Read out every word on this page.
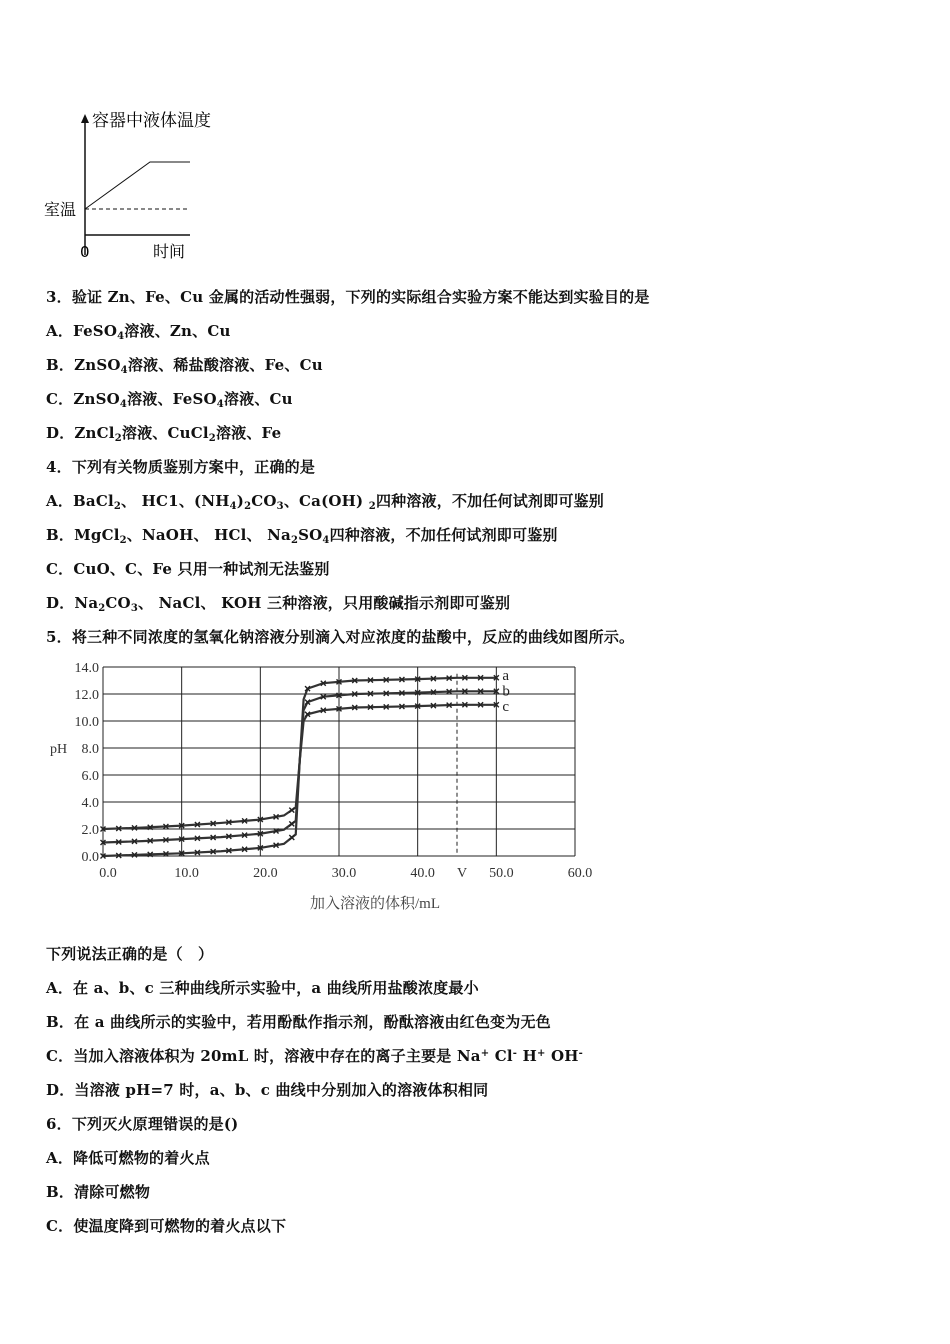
容器中液体温度
室温
0	时间
3．验证 Zn、Fe、Cu 金属的活动性强弱，下列的实际组合实验方案不能达到实验目的是
A．FeSO$_4$溶液、Zn、Cu
B．ZnSO$_4$溶液、稀盐酸溶液、Fe、Cu
C．ZnSO$_4$溶液、FeSO$_4$溶液、Cu
D．ZnCl$_2$溶液、CuCl$_2$溶液、Fe
4．下列有关物质鉴别方案中，正确的是
A．BaCl$_2$、 HC1、$(NH_4)_2CO_3$、Ca(OH) $_2$四种溶液，不加任何试剂即可鉴别
B．MgCl$_2$、NaOH、 HCl、 $Na_2SO_4$四种溶液，不加任何试剂即可鉴别
C．CuO、C、Fe 只用一种试剂无法鉴别
D．$Na_2CO_3$、 NaCl、 KOH 三种溶液，只用酸碱指示剂即可鉴别
5．将三种不同浓度的氢氧化钠溶液分别滴入对应浓度的盐酸中，反应的曲线如图所示。
0.0
2.0
4.0
6.0
8.0
10.0
12.0
14.0
0.0	10.0	20.0	30.0	40.0 V 50.0	60.0
a
b
c
pH
加入溶液的体积/mL
下列说法正确的是（　）
A．在 a、b、c 三种曲线所示实验中，a 曲线所用盐酸浓度最小
B．在 a 曲线所示的实验中，若用酚酞作指示剂，酚酞溶液由红色变为无色
C．当加入溶液体积为 20mL 时，溶液中存在的离子主要是 Na+ Cl- H+ OH-
D．当溶液 pH=7 时，a、b、c 曲线中分别加入的溶液体积相同
6．下列灭火原理错误的是()
A．降低可燃物的着火点
B．清除可燃物
C．使温度降到可燃物的着火点以下
